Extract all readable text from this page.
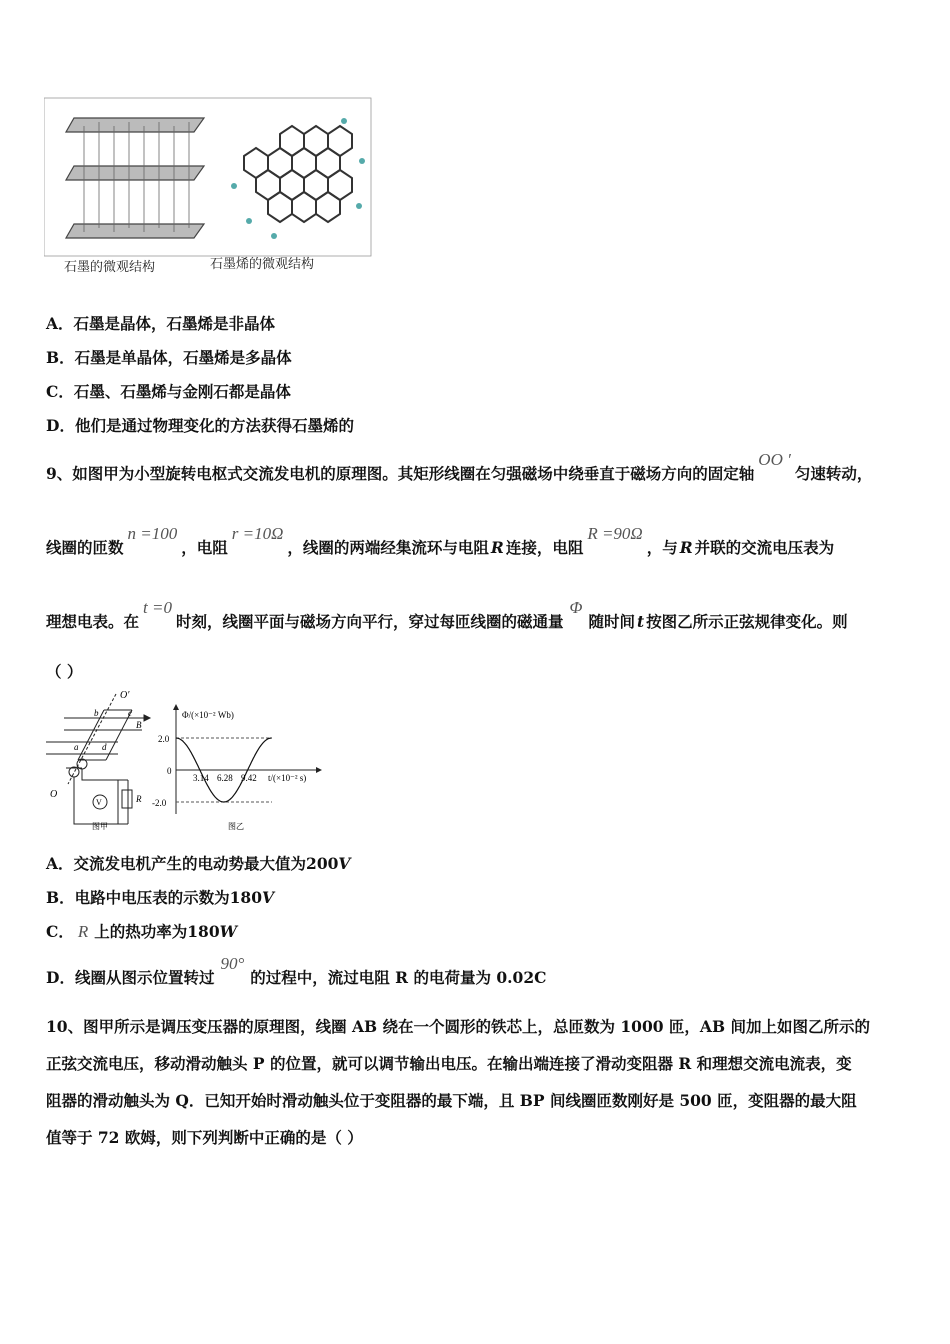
石墨的微观结构	石墨烯的微观结构
A．石墨是晶体，石墨烯是非晶体
B．石墨是单晶体，石墨烯是多晶体
C．石墨、石墨烯与金刚石都是晶体
D．他们是通过物理变化的方法获得石墨烯的
9、如图甲为小型旋转电枢式交流发电机的原理图。其矩形线圈在匀强磁场中绕垂直于磁场方向的固定轴OO ′匀速转动，
线圈的匝数n =100，电阻r =10Ω，线圈的两端经集流环与电阻 R 连接，电阻R =90Ω，与 R 并联的交流电压表为
理想电表。在t =0时刻，线圈平面与磁场方向平行，穿过每匝线圈的磁通量Φ随时间 t 按图乙所示正弦规律变化。则
（ ）
O′
b	c
B
a	d
O
V	R
图甲
Φ/(×10⁻² Wb)
2.0
-2.0
0
3.14 6.28 9.42 t/(×10⁻² s)
图乙
A．交流发电机产生的电动势最大值为200V
B．电路中电压表的示数为180V
C． R 上的热功率为180W
D．线圈从图示位置转过90°的过程中，流过电阻 R 的电荷量为 0.02C
10、图甲所示是调压变压器的原理图，线圈 AB 绕在一个圆形的铁芯上，总匝数为 1000 匝，AB 间加上如图乙所示的
正弦交流电压，移动滑动触头 P 的位置，就可以调节输出电压。在输出端连接了滑动变阻器 R 和理想交流电流表，变
阻器的滑动触头为 Q．已知开始时滑动触头位于变阻器的最下端，且 BP 间线圈匝数刚好是 500 匝，变阻器的最大阻
值等于 72 欧姆，则下列判断中正确的是（ ）
